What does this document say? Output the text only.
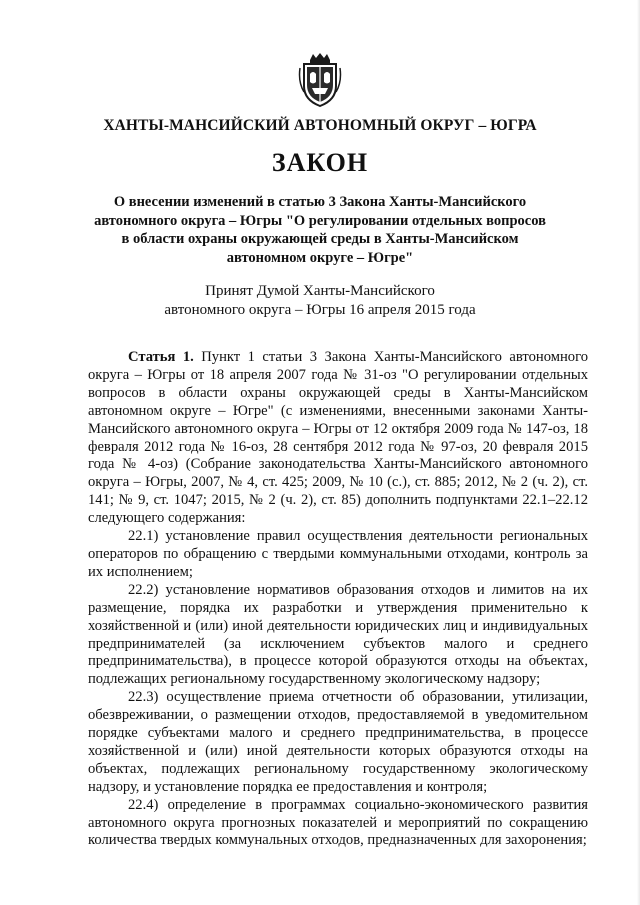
ХАНТЫ-МАНСИЙСКИЙ АВТОНОМНЫЙ ОКРУГ – ЮГРА
ЗАКОН
О внесении изменений в статью 3 Закона Ханты-Мансийского
автономного округа – Югры "О регулировании отдельных вопросов
в области охраны окружающей среды в Ханты-Мансийском
автономном округе – Югре"
Принят Думой Ханты-Мансийского
автономного округа – Югры 16 апреля 2015 года

Статья 1. Пункт 1 статьи 3 Закона Ханты-Мансийского автономного округа – Югры от 18 апреля 2007 года № 31-оз "О регулировании отдельных вопросов в области охраны окружающей среды в Ханты-Мансийском автономном округе – Югре" (с изменениями, внесенными законами Ханты-Мансийского автономного округа – Югры от 12 октября 2009 года № 147-оз, 18 февраля 2012 года № 16-оз, 28 сентября 2012 года № 97-оз, 20 февраля 2015 года № 4-оз) (Собрание законодательства Ханты-Мансийского автономного округа – Югры, 2007, № 4, ст. 425; 2009, № 10 (с.), ст. 885; 2012, № 2 (ч. 2), ст. 141; № 9, ст. 1047; 2015, № 2 (ч. 2), ст. 85) дополнить подпунктами 22.1–22.12 следующего содержания:

22.1) установление правил осуществления деятельности региональных операторов по обращению с твердыми коммунальными отходами, контроль за их исполнением;

22.2) установление нормативов образования отходов и лимитов на их размещение, порядка их разработки и утверждения применительно к хозяйственной и (или) иной деятельности юридических лиц и индивидуальных предпринимателей (за исключением субъектов малого и среднего предпринимательства), в процессе которой образуются отходы на объектах, подлежащих региональному государственному экологическому надзору;

22.3) осуществление приема отчетности об образовании, утилизации, обезвреживании, о размещении отходов, предоставляемой в уведомительном порядке субъектами малого и среднего предпринимательства, в процессе хозяйственной и (или) иной деятельности которых образуются отходы на объектах, подлежащих региональному государственному экологическому надзору, и установление порядка ее предоставления и контроля;

22.4) определение в программах социально-экономического развития автономного округа прогнозных показателей и мероприятий по сокращению количества твердых коммунальных отходов, предназначенных для захоронения;
